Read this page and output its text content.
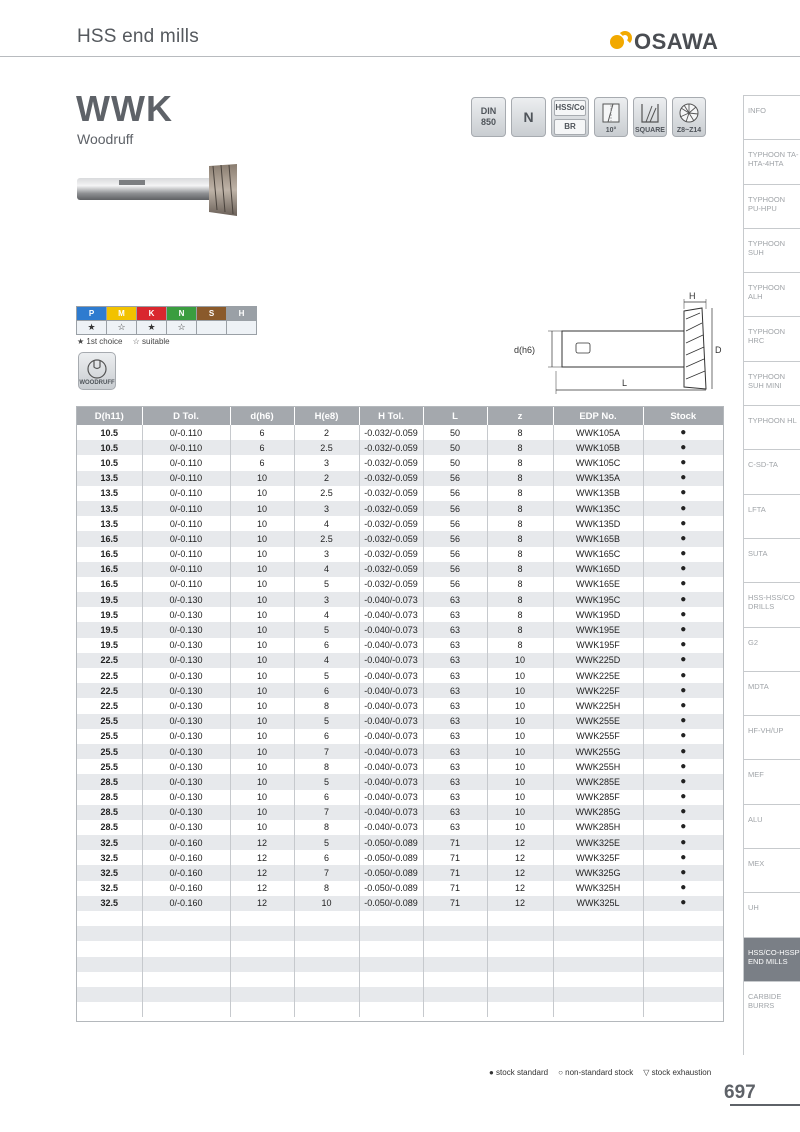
HSS end mills	OSAWA
WWK
Woodruff
DIN
850 N
HSS/Co
BR	10°	SQUARE Z8~Z14
P	M	K	N	S	H
★	☆	★	☆		
★ 1st choice ☆ suitable
WOODRUFF
d(h6)	D
H
L
D(h11)	D Tol.	d(h6)	H(e8)	H Tol.	L	z	EDP No.	Stock
10.5	0/-0.110	6	2	-0.032/-0.059	50	8	WWK105A	●
10.5	0/-0.110	6	2.5	-0.032/-0.059	50	8	WWK105B	●
10.5	0/-0.110	6	3	-0.032/-0.059	50	8	WWK105C	●
13.5	0/-0.110	10	2	-0.032/-0.059	56	8	WWK135A	●
13.5	0/-0.110	10	2.5	-0.032/-0.059	56	8	WWK135B	●
13.5	0/-0.110	10	3	-0.032/-0.059	56	8	WWK135C	●
13.5	0/-0.110	10	4	-0.032/-0.059	56	8	WWK135D	●
16.5	0/-0.110	10	2.5	-0.032/-0.059	56	8	WWK165B	●
16.5	0/-0.110	10	3	-0.032/-0.059	56	8	WWK165C	●
16.5	0/-0.110	10	4	-0.032/-0.059	56	8	WWK165D	●
16.5	0/-0.110	10	5	-0.032/-0.059	56	8	WWK165E	●
19.5	0/-0.130	10	3	-0.040/-0.073	63	8	WWK195C	●
19.5	0/-0.130	10	4	-0.040/-0.073	63	8	WWK195D	●
19.5	0/-0.130	10	5	-0.040/-0.073	63	8	WWK195E	●
19.5	0/-0.130	10	6	-0.040/-0.073	63	8	WWK195F	●
22.5	0/-0.130	10	4	-0.040/-0.073	63	10	WWK225D	●
22.5	0/-0.130	10	5	-0.040/-0.073	63	10	WWK225E	●
22.5	0/-0.130	10	6	-0.040/-0.073	63	10	WWK225F	●
22.5	0/-0.130	10	8	-0.040/-0.073	63	10	WWK225H	●
25.5	0/-0.130	10	5	-0.040/-0.073	63	10	WWK255E	●
25.5	0/-0.130	10	6	-0.040/-0.073	63	10	WWK255F	●
25.5	0/-0.130	10	7	-0.040/-0.073	63	10	WWK255G	●
25.5	0/-0.130	10	8	-0.040/-0.073	63	10	WWK255H	●
28.5	0/-0.130	10	5	-0.040/-0.073	63	10	WWK285E	●
28.5	0/-0.130	10	6	-0.040/-0.073	63	10	WWK285F	●
28.5	0/-0.130	10	7	-0.040/-0.073	63	10	WWK285G	●
28.5	0/-0.130	10	8	-0.040/-0.073	63	10	WWK285H	●
32.5	0/-0.160	12	5	-0.050/-0.089	71	12	WWK325E	●
32.5	0/-0.160	12	6	-0.050/-0.089	71	12	WWK325F	●
32.5	0/-0.160	12	7	-0.050/-0.089	71	12	WWK325G	●
32.5	0/-0.160	12	8	-0.050/-0.089	71	12	WWK325H	●
32.5	0/-0.160	12	10	-0.050/-0.089	71	12	WWK325L	●

INFO
TYPHOON TA-HTA-4HTA
TYPHOON PU-HPU
TYPHOON SUH
TYPHOON ALH
TYPHOON HRC
TYPHOON SUH MINI
TYPHOON HL
C-SD-TA
LFTA
SUTA
HSS-HSS/CO DRILLS
G2
MDTA
HF-VH/UP
MEF
ALU
MEX
UH
HSS/CO-HSSP END MILLS
CARBIDE BURRS
● stock standard ○ non-standard stock ▽ stock exhaustion
697
